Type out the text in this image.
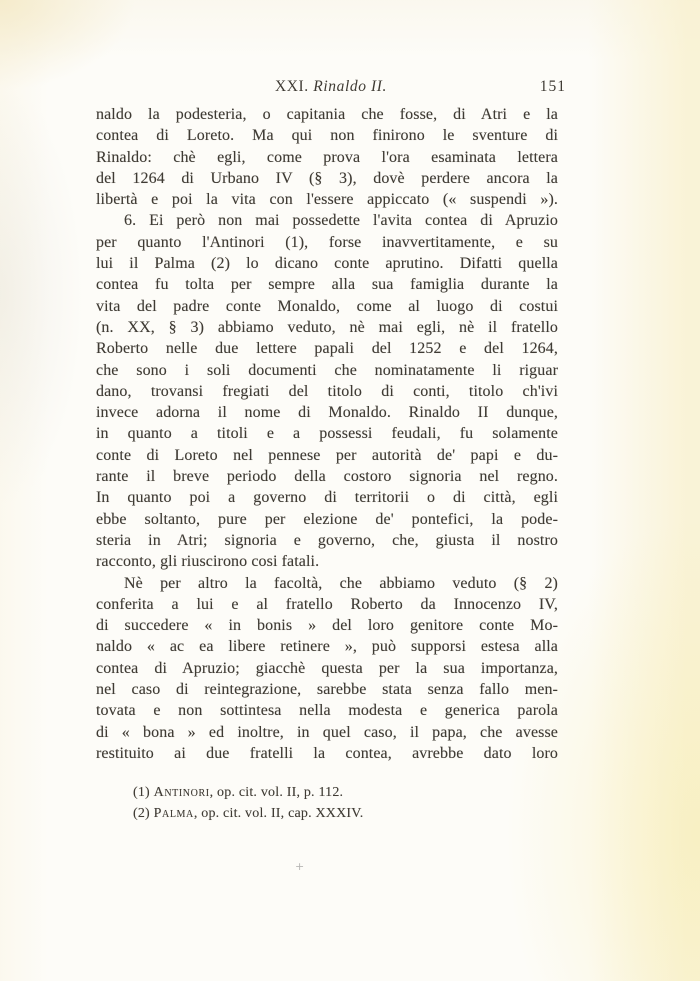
XXI. Rinaldo II.	151
naldo la podesteria, o capitania che fosse, di Atri e la
contea di Loreto. Ma qui non finirono le sventure di
Rinaldo: chè egli, come prova l'ora esaminata lettera
del 1264 di Urbano IV (§ 3), dovè perdere ancora la
libertà e poi la vita con l'essere appiccato (« suspendi »).
6. Ei però non mai possedette l'avita contea di Apruzio
per quanto l'Antinori (1), forse inavvertitamente, e su
lui il Palma (2) lo dicano conte aprutino. Difatti quella
contea fu tolta per sempre alla sua famiglia durante la
vita del padre conte Monaldo, come al luogo di costui
(n. XX, § 3) abbiamo veduto, nè mai egli, nè il fratello
Roberto nelle due lettere papali del 1252 e del 1264,
che sono i soli documenti che nominatamente li riguar
dano, trovansi fregiati del titolo di conti, titolo ch'ivi
invece adorna il nome di Monaldo. Rinaldo II dunque,
in quanto a titoli e a possessi feudali, fu solamente
conte di Loreto nel pennese per autorità de' papi e du-
rante il breve periodo della costoro signoria nel regno.
In quanto poi a governo di territorii o di città, egli
ebbe soltanto, pure per elezione de' pontefici, la pode-
steria in Atri; signoria e governo, che, giusta il nostro
racconto, gli riuscirono cosi fatali.
Nè per altro la facoltà, che abbiamo veduto (§ 2)
conferita a lui e al fratello Roberto da Innocenzo IV,
di succedere « in bonis » del loro genitore conte Mo-
naldo « ac ea libere retinere », può supporsi estesa alla
contea di Apruzio; giacchè questa per la sua importanza,
nel caso di reintegrazione, sarebbe stata senza fallo men-
tovata e non sottintesa nella modesta e generica parola
di « bona » ed inoltre, in quel caso, il papa, che avesse
restituito ai due fratelli la contea, avrebbe dato loro
(1) Antinori, op. cit. vol. II, p. 112.
(2) Palma, op. cit. vol. II, cap. XXXIV.
+
